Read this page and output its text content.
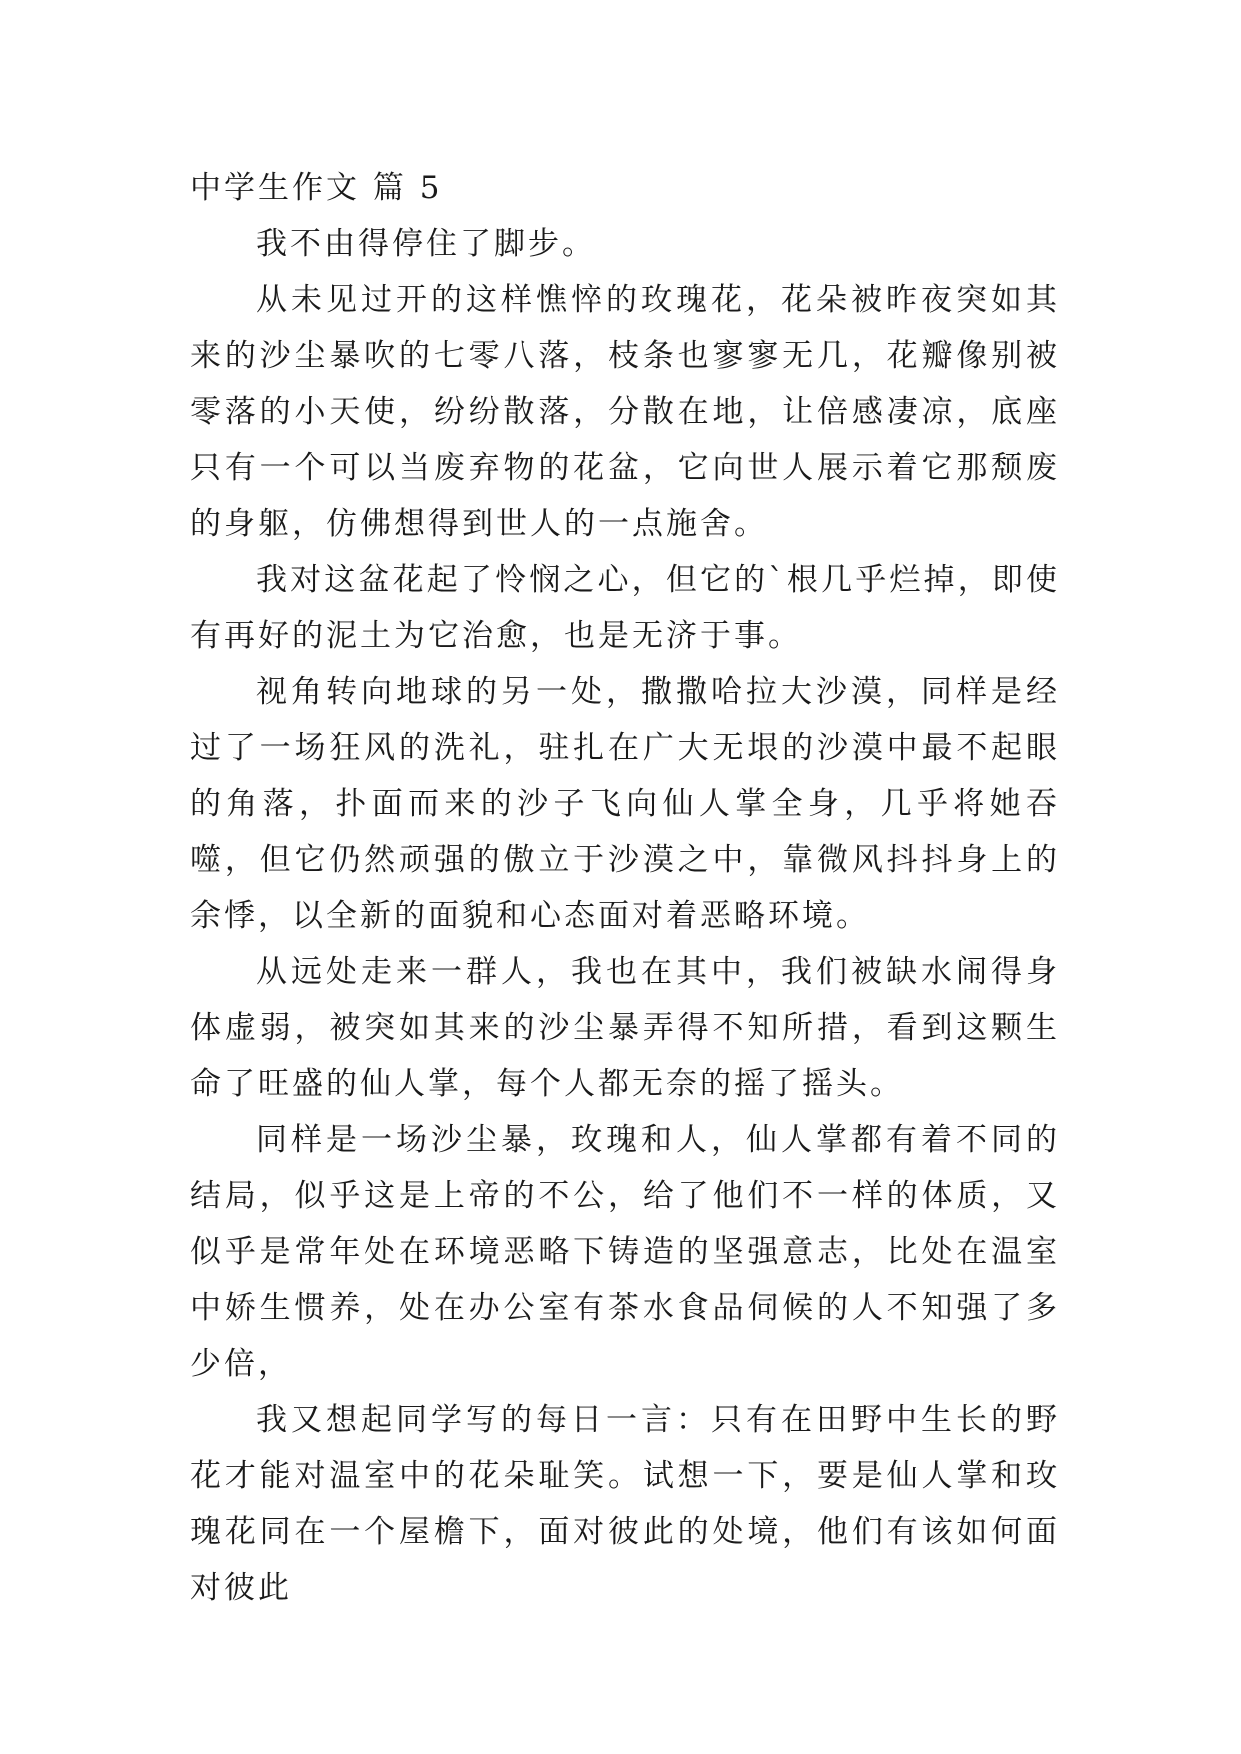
中学生作文 篇 5

我不由得停住了脚步。

从未见过开的这样憔悴的玫瑰花，花朵被昨夜突如其来的沙尘暴吹的七零八落，枝条也寥寥无几，花瓣像别被零落的小天使，纷纷散落，分散在地，让倍感凄凉，底座只有一个可以当废弃物的花盆，它向世人展示着它那颓废的身躯，仿佛想得到世人的一点施舍。

我对这盆花起了怜悯之心，但它的`根几乎烂掉，即使有再好的泥土为它治愈，也是无济于事。

视角转向地球的另一处，撒撒哈拉大沙漠，同样是经过了一场狂风的洗礼，驻扎在广大无垠的沙漠中最不起眼的角落，扑面而来的沙子飞向仙人掌全身，几乎将她吞噬，但它仍然顽强的傲立于沙漠之中，靠微风抖抖身上的余悸，以全新的面貌和心态面对着恶略环境。

从远处走来一群人，我也在其中，我们被缺水闹得身体虚弱，被突如其来的沙尘暴弄得不知所措，看到这颗生命了旺盛的仙人掌，每个人都无奈的摇了摇头。

同样是一场沙尘暴，玫瑰和人，仙人掌都有着不同的结局，似乎这是上帝的不公，给了他们不一样的体质，又似乎是常年处在环境恶略下铸造的坚强意志，比处在温室中娇生惯养，处在办公室有茶水食品伺候的人不知强了多少倍，

我又想起同学写的每日一言：只有在田野中生长的野花才能对温室中的花朵耻笑。试想一下，要是仙人掌和玫瑰花同在一个屋檐下，面对彼此的处境，他们有该如何面对彼此
